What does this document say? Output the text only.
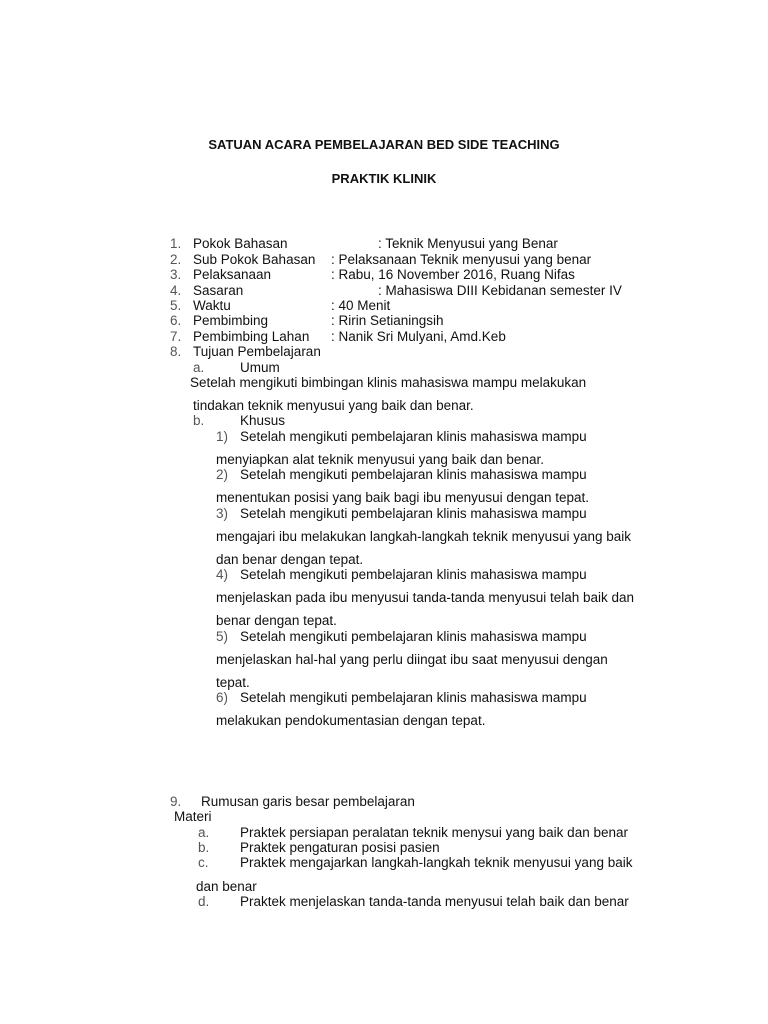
SATUAN ACARA PEMBELAJARAN BED SIDE TEACHING
PRAKTIK KLINIK
1. Pokok Bahasan	: Teknik Menyusui yang Benar
2. Sub Pokok Bahasan : Pelaksanaan Teknik menyusui yang benar
3. Pelaksanaan	: Rabu, 16 November 2016, Ruang Nifas
4. Sasaran	: Mahasiswa DIII Kebidanan semester IV
5. Waktu	: 40 Menit
6. Pembimbing	: Ririn Setianingsih
7. Pembimbing Lahan : Nanik Sri Mulyani, Amd.Keb
8. Tujuan Pembelajaran
a.	Umum
Setelah mengikuti bimbingan klinis mahasiswa mampu melakukan
tindakan teknik menyusui yang baik dan benar.
b.	Khusus
1) Setelah mengikuti pembelajaran klinis mahasiswa mampu
menyiapkan alat teknik menyusui yang baik dan benar.
2) Setelah mengikuti pembelajaran klinis mahasiswa mampu
menentukan posisi yang baik bagi ibu menyusui dengan tepat.
3) Setelah mengikuti pembelajaran klinis mahasiswa mampu
mengajari ibu melakukan langkah-langkah teknik menyusui yang baik
dan benar dengan tepat.
4) Setelah mengikuti pembelajaran klinis mahasiswa mampu
menjelaskan pada ibu menyusui tanda-tanda menyusui telah baik dan
benar dengan tepat.
5) Setelah mengikuti pembelajaran klinis mahasiswa mampu
menjelaskan hal-hal yang perlu diingat ibu saat menyusui dengan
tepat.
6) Setelah mengikuti pembelajaran klinis mahasiswa mampu
melakukan pendokumentasian dengan tepat.
9. Rumusan garis besar pembelajaran
Materi
a. Praktek persiapan peralatan teknik menysui yang baik dan benar
b. Praktek pengaturan posisi pasien
c. Praktek mengajarkan langkah-langkah teknik menyusui yang baik
dan benar
d. Praktek menjelaskan tanda-tanda menyusui telah baik dan benar
